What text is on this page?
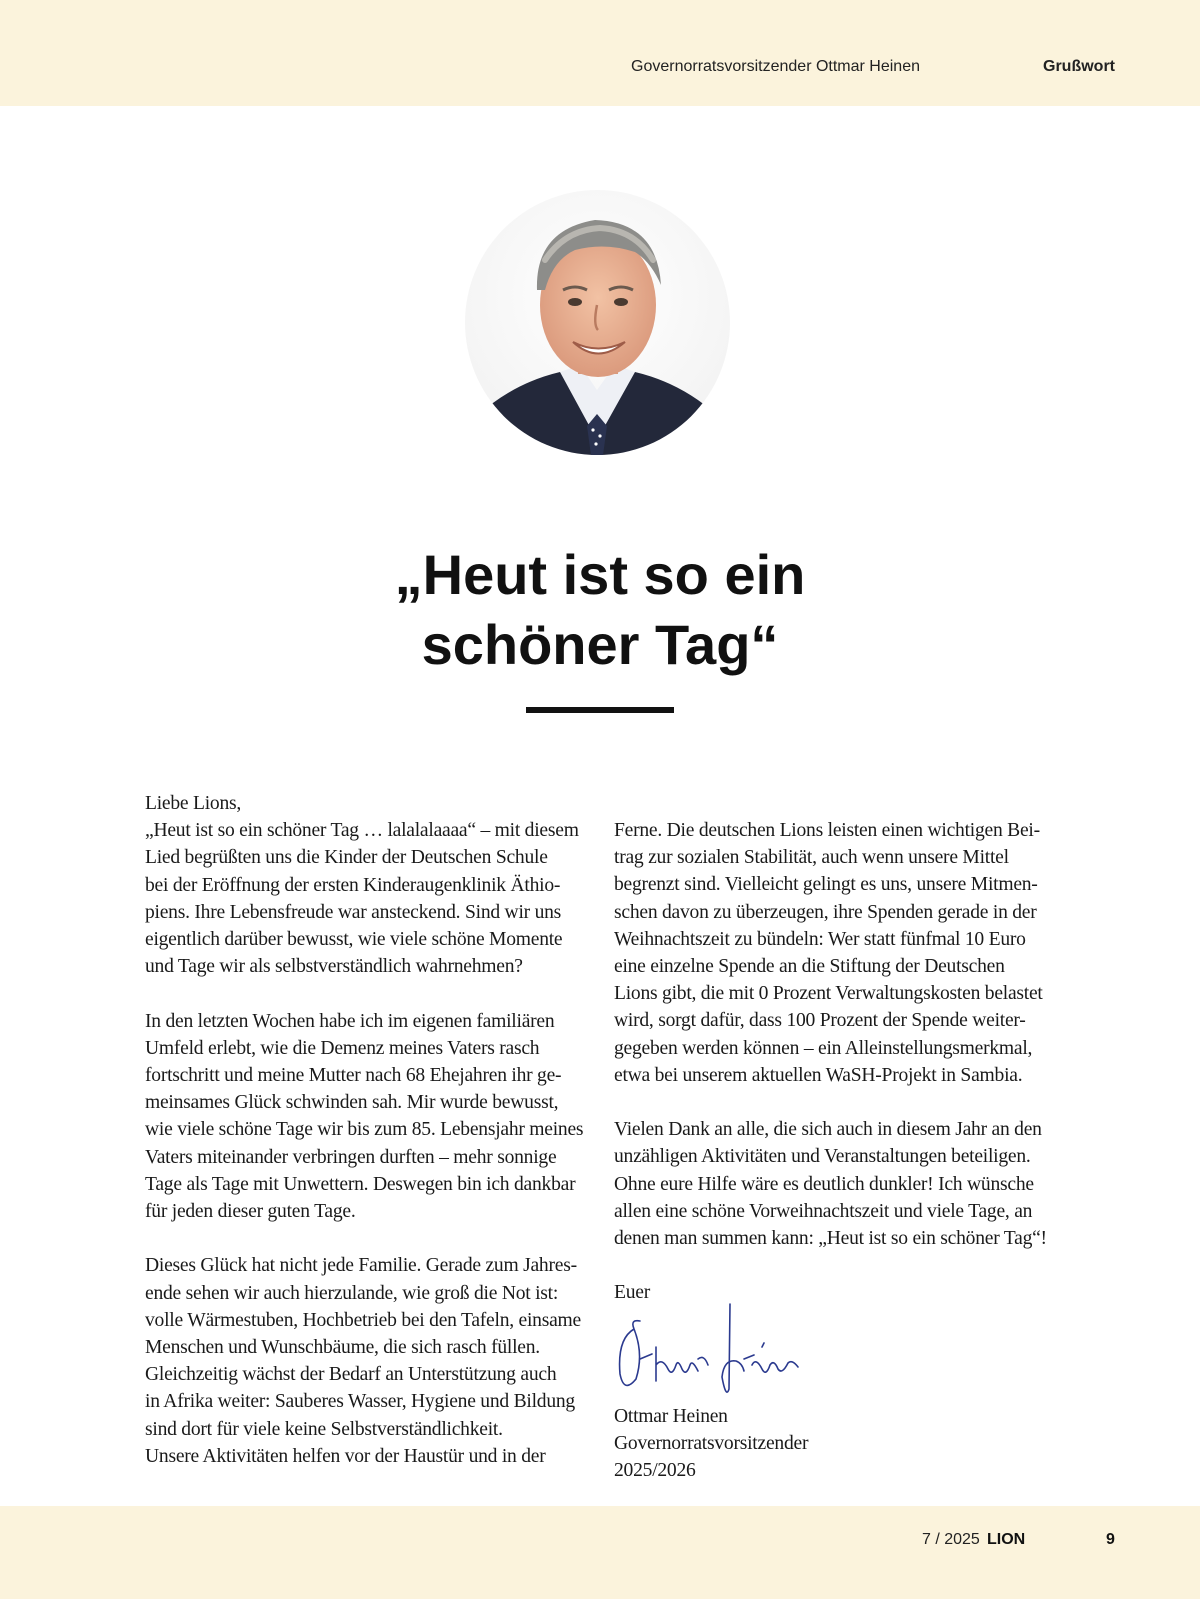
Governorratsvorsitzender Ottmar Heinen	Grußwort
„Heut ist so ein
schöner Tag“
Liebe Lions,
„Heut ist so ein schöner Tag … lalalalaaaa“ – mit diesem
Lied begrüßten uns die Kinder der Deutschen Schule
bei der Eröffnung der ersten Kinderaugenklinik Äthio-
piens. Ihre Lebensfreude war ansteckend. Sind wir uns
eigentlich darüber bewusst, wie viele schöne Momente
und Tage wir als selbstverständlich wahrnehmen?
In den letzten Wochen habe ich im eigenen familiären
Umfeld erlebt, wie die Demenz meines Vaters rasch
fortschritt und meine Mutter nach 68 Ehejahren ihr ge-
meinsames Glück schwinden sah. Mir wurde bewusst,
wie viele schöne Tage wir bis zum 85. Lebensjahr meines
Vaters miteinander verbringen durften – mehr sonnige
Tage als Tage mit Unwettern. Deswegen bin ich dankbar
für jeden dieser guten Tage.
Dieses Glück hat nicht jede Familie. Gerade zum Jahres-
ende sehen wir auch hierzulande, wie groß die Not ist:
volle Wärmestuben, Hochbetrieb bei den Tafeln, einsame
Menschen und Wunschbäume, die sich rasch füllen.
Gleichzeitig wächst der Bedarf an Unterstützung auch
in Afrika weiter: Sauberes Wasser, Hygiene und Bildung
sind dort für viele keine Selbstverständlichkeit.
Unsere Aktivitäten helfen vor der Haustür und in der
Ferne. Die deutschen Lions leisten einen wichtigen Bei-
trag zur sozialen Stabilität, auch wenn unsere Mittel
begrenzt sind. Vielleicht gelingt es uns, unsere Mitmen-
schen davon zu überzeugen, ihre Spenden gerade in der
Weihnachtszeit zu bündeln: Wer statt fünfmal 10 Euro
eine einzelne Spende an die Stiftung der Deutschen
Lions gibt, die mit 0 Prozent Verwaltungskosten belastet
wird, sorgt dafür, dass 100 Prozent der Spende weiter-
gegeben werden können – ein Alleinstellungsmerkmal,
etwa bei unserem aktuellen WaSH-Projekt in Sambia.
Vielen Dank an alle, die sich auch in diesem Jahr an den
unzähligen Aktivitäten und Veranstaltungen beteiligen.
Ohne eure Hilfe wäre es deutlich dunkler! Ich wünsche
allen eine schöne Vorweihnachtszeit und viele Tage, an
denen man summen kann: „Heut ist so ein schöner Tag“!
Euer
Ottmar Heinen
Governorratsvorsitzender
2025/2026
7 / 2025 LION	9
